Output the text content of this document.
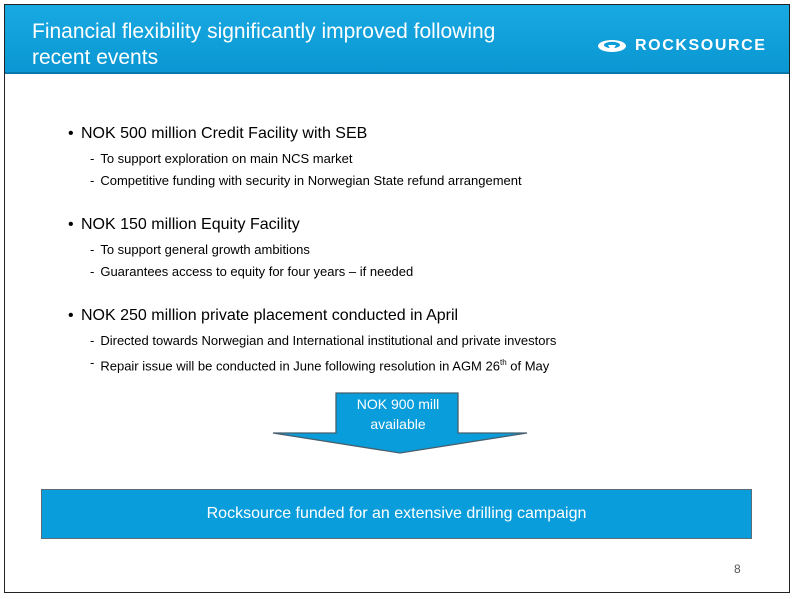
Financial flexibility significantly improved following recent events
ROCKSOURCE
• NOK 500 million Credit Facility with SEB
- To support exploration on main NCS market
- Competitive funding with security in Norwegian State refund arrangement
• NOK 150 million Equity Facility
- To support general growth ambitions
- Guarantees access to equity for four years – if needed
• NOK 250 million private placement conducted in April
- Directed towards Norwegian and International institutional and private investors
- Repair issue will be conducted in June following resolution in AGM 26th of May
NOK 900 mill
available
Rocksource funded for an extensive drilling campaign
8
